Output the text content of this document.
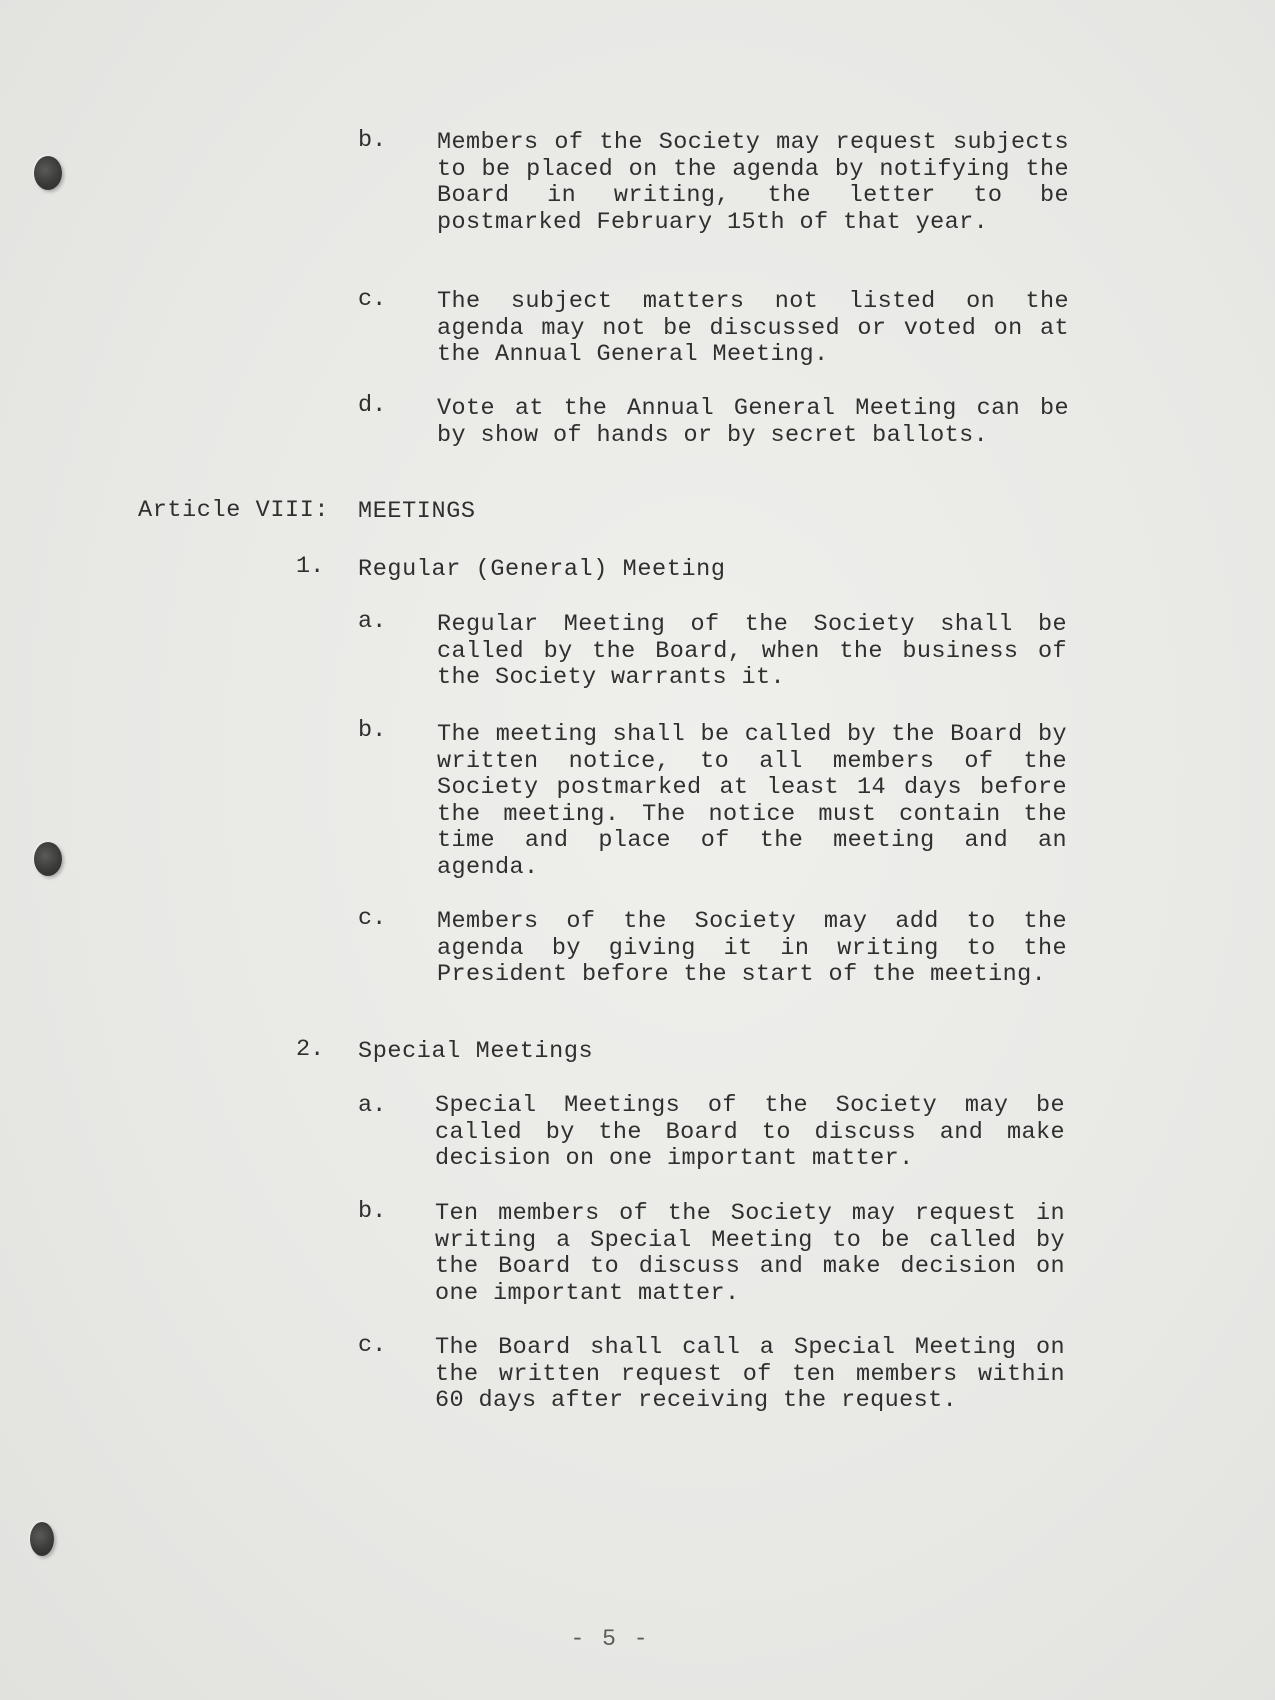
b. Members of the Society may request subjects to be placed on the agenda by notifying the Board in writing, the letter to be postmarked February 15th of that year.
c. The subject matters not listed on the agenda may not be discussed or voted on at the Annual General Meeting.
d. Vote at the Annual General Meeting can be by show of hands or by secret ballots.
Article VIII: MEETINGS
1. Regular (General) Meeting
a. Regular Meeting of the Society shall be called by the Board, when the business of the Society warrants it.
b. The meeting shall be called by the Board by written notice, to all members of the Society postmarked at least 14 days before the meeting. The notice must contain the time and place of the meeting and an agenda.
c. Members of the Society may add to the agenda by giving it in writing to the President before the start of the meeting.
2. Special Meetings
a. Special Meetings of the Society may be called by the Board to discuss and make decision on one important matter.
b. Ten members of the Society may request in writing a Special Meeting to be called by the Board to discuss and make decision on one important matter.
c. The Board shall call a Special Meeting on the written request of ten members within 60 days after receiving the request.
- 5 -
